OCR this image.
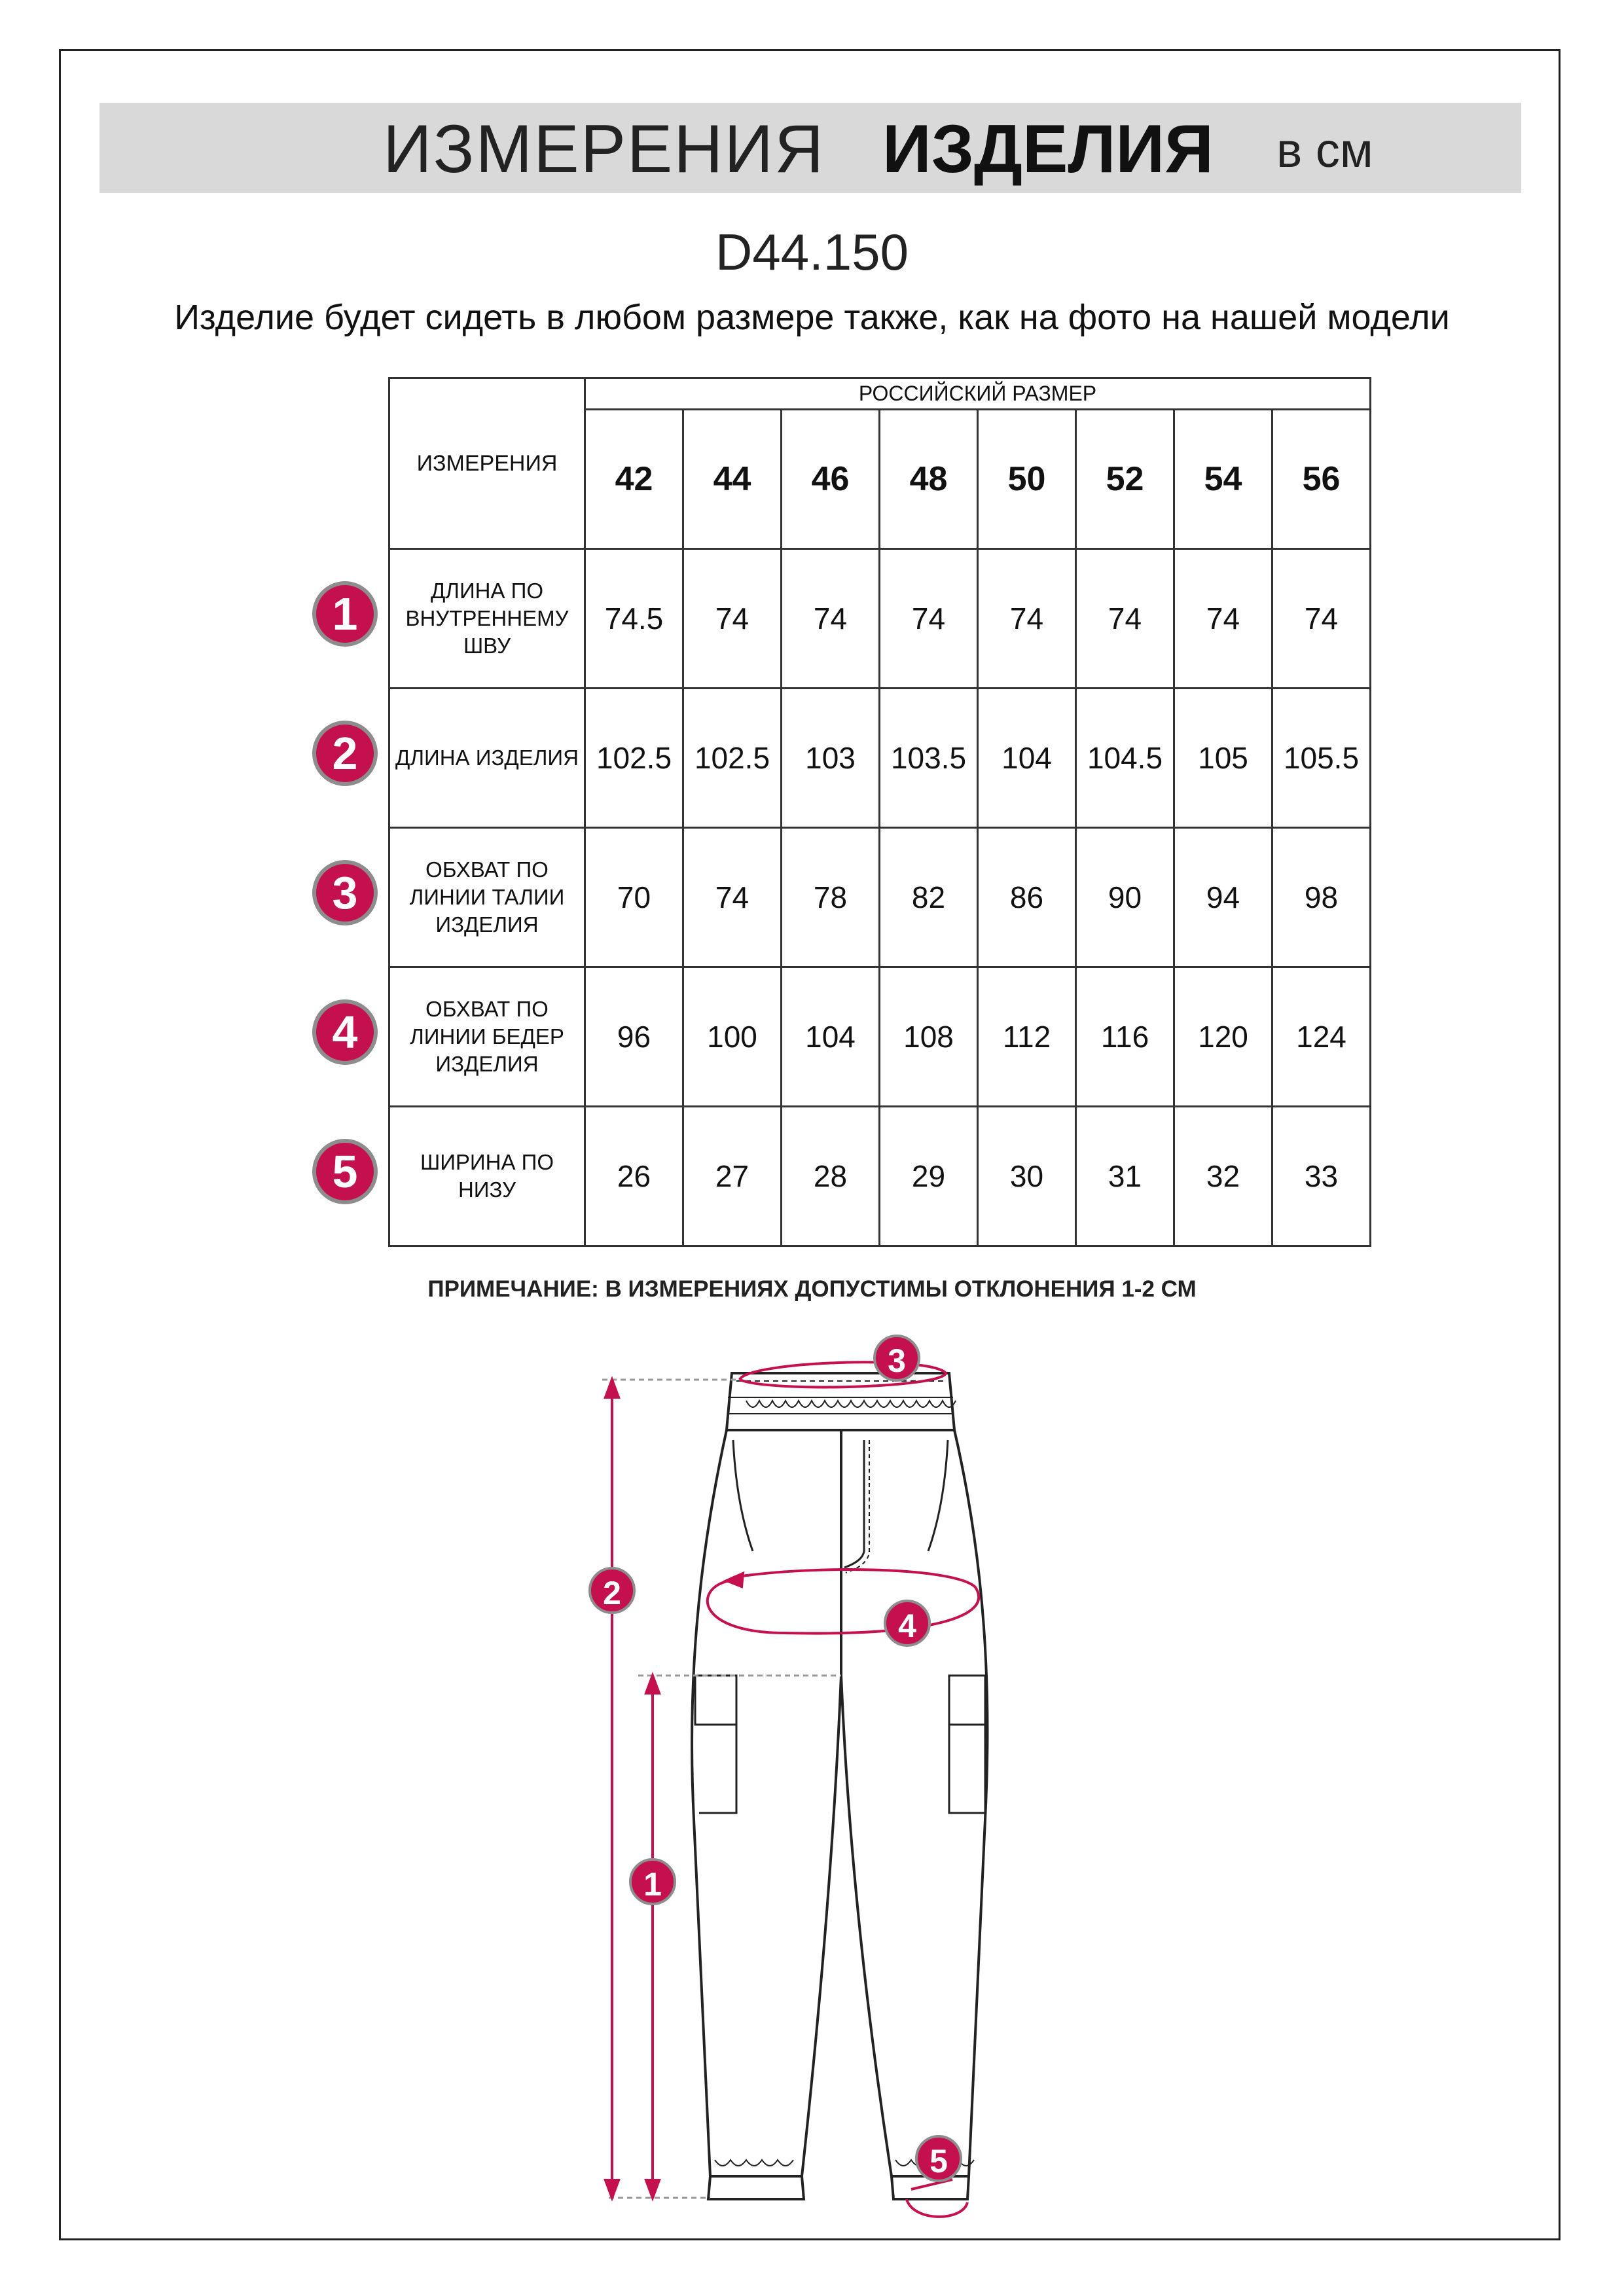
ИЗМЕРЕНИЯ ИЗДЕЛИЯ в см
D44.150
Изделие будет сидеть в любом размере также, как на фото на нашей модели
ИЗМЕРЕНИЯ	РОССИЙСКИЙ РАЗМЕР							
	42	44	46	48	50	52	54	56
ДЛИНА ПО ВНУТРЕННЕМУ ШВУ	74.5	74	74	74	74	74	74	74
ДЛИНА ИЗДЕЛИЯ	102.5	102.5	103	103.5	104	104.5	105	105.5
ОБХВАТ ПО ЛИНИИ ТАЛИИ ИЗДЕЛИЯ	70	74	78	82	86	90	94	98
ОБХВАТ ПО ЛИНИИ БЕДЕР ИЗДЕЛИЯ	96	100	104	108	112	116	120	124
ШИРИНА ПО НИЗУ	26	27	28	29	30	31	32	33
1
2
3
4
5
ПРИМЕЧАНИЕ: В ИЗМЕРЕНИЯХ ДОПУСТИМЫ ОТКЛОНЕНИЯ 1-2 СМ
1
2
3
4
5
